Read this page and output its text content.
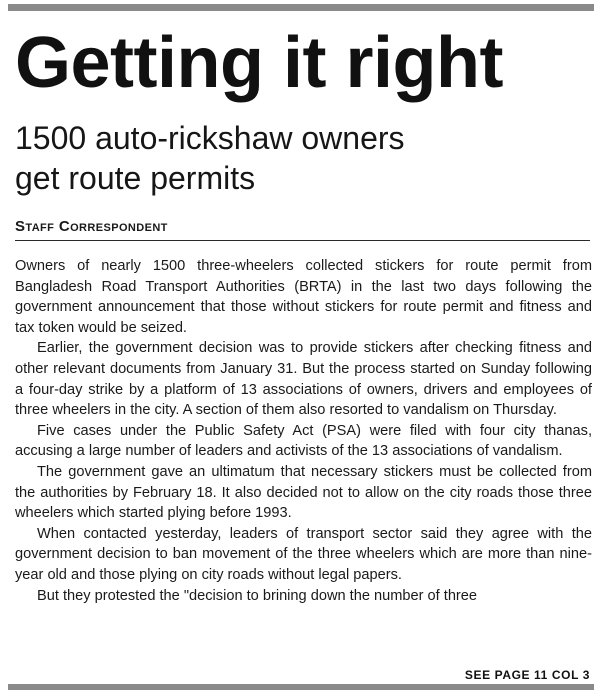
Getting it right
1500 auto-rickshaw owners
get route permits
Staff Correspondent

Owners of nearly 1500 three-wheelers collected stickers for route permit from Bangladesh Road Transport Authorities (BRTA) in the last two days following the government announcement that those without stickers for route permit and fitness and tax token would be seized.

Earlier, the government decision was to provide stickers after checking fitness and other relevant documents from January 31. But the process started on Sunday following a four-day strike by a platform of 13 associations of owners, drivers and employees of three wheelers in the city. A section of them also resorted to vandalism on Thursday.

Five cases under the Public Safety Act (PSA) were filed with four city thanas, accusing a large number of leaders and activists of the 13 associations of vandalism.

The government gave an ultimatum that necessary stickers must be collected from the authorities by February 18. It also decided not to allow on the city roads those three wheelers which started plying before 1993.

When contacted yesterday, leaders of transport sector said they agree with the government decision to ban movement of the three wheelers which are more than nine-year old and those plying on city roads without legal papers.

But they protested the "decision to brining down the number of three

SEE PAGE 11 COL 3
